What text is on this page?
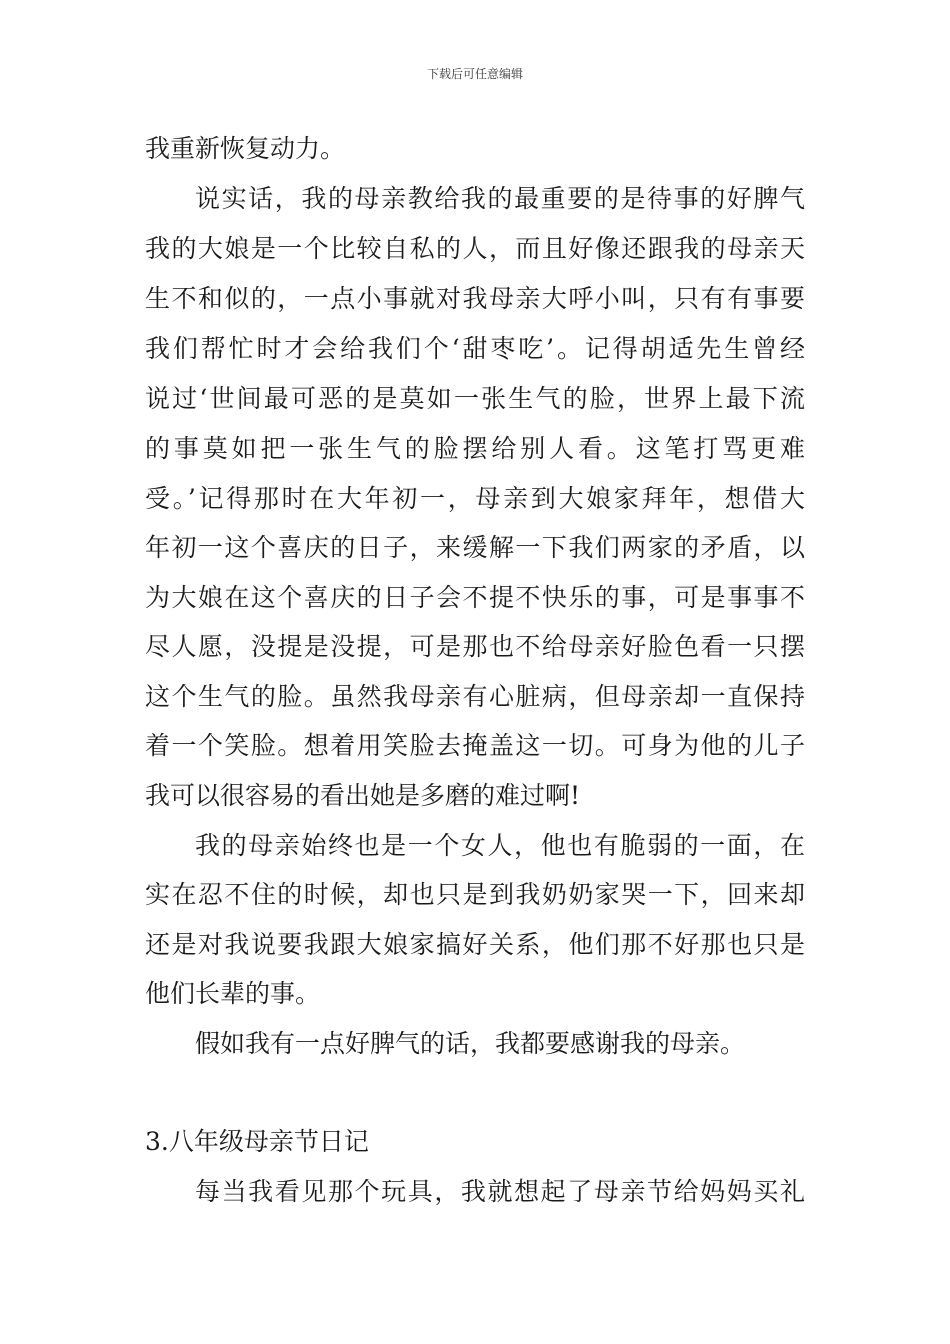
下载后可任意编辑
我重新恢复动力。
说实话，我的母亲教给我的最重要的是待事的好脾气
我的大娘是一个比较自私的人，而且好像还跟我的母亲天
生不和似的，一点小事就对我母亲大呼小叫，只有有事要
我们帮忙时才会给我们个‘甜枣吃’。记得胡适先生曾经
说过‘世间最可恶的是莫如一张生气的脸，世界上最下流
的事莫如把一张生气的脸摆给别人看。这笔打骂更难
受。’记得那时在大年初一，母亲到大娘家拜年，想借大
年初一这个喜庆的日子，来缓解一下我们两家的矛盾，以
为大娘在这个喜庆的日子会不提不快乐的事，可是事事不
尽人愿，没提是没提，可是那也不给母亲好脸色看一只摆
这个生气的脸。虽然我母亲有心脏病，但母亲却一直保持
着一个笑脸。想着用笑脸去掩盖这一切。可身为他的儿子
我可以很容易的看出她是多磨的难过啊!
我的母亲始终也是一个女人，他也有脆弱的一面，在
实在忍不住的时候，却也只是到我奶奶家哭一下，回来却
还是对我说要我跟大娘家搞好关系，他们那不好那也只是
他们长辈的事。
假如我有一点好脾气的话，我都要感谢我的母亲。
3.八年级母亲节日记
每当我看见那个玩具，我就想起了母亲节给妈妈买礼
